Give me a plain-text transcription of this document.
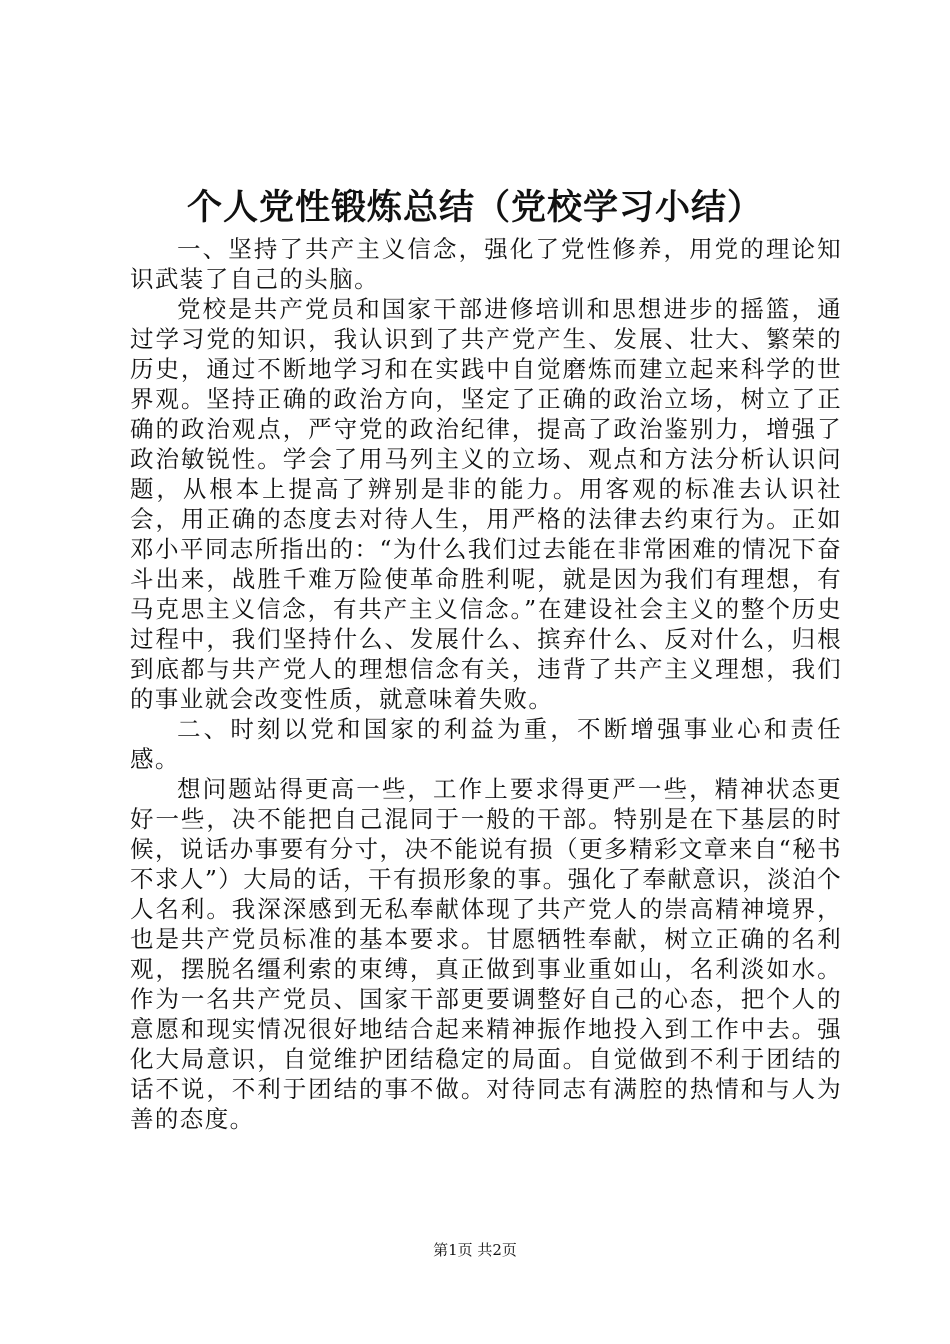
个人党性锻炼总结（党校学习小结）

一、坚持了共产主义信念，强化了党性修养，用党的理论知识武装了自己的头脑。

党校是共产党员和国家干部进修培训和思想进步的摇篮，通过学习党的知识，我认识到了共产党产生、发展、壮大、繁荣的历史，通过不断地学习和在实践中自觉磨炼而建立起来科学的世界观。坚持正确的政治方向，坚定了正确的政治立场，树立了正确的政治观点，严守党的政治纪律，提高了政治鉴别力，增强了政治敏锐性。学会了用马列主义的立场、观点和方法分析认识问题，从根本上提高了辨别是非的能力。用客观的标准去认识社会，用正确的态度去对待人生，用严格的法律去约束行为。正如邓小平同志所指出的：“为什么我们过去能在非常困难的情况下奋斗出来，战胜千难万险使革命胜利呢，就是因为我们有理想，有马克思主义信念，有共产主义信念。”在建设社会主义的整个历史过程中，我们坚持什么、发展什么、摈弃什么、反对什么，归根到底都与共产党人的理想信念有关，违背了共产主义理想，我们的事业就会改变性质，就意味着失败。

二、时刻以党和国家的利益为重，不断增强事业心和责任感。

想问题站得更高一些，工作上要求得更严一些，精神状态更好一些，决不能把自己混同于一般的干部。特别是在下基层的时候，说话办事要有分寸，决不能说有损（更多精彩文章来自“秘书不求人”）大局的话，干有损形象的事。强化了奉献意识，淡泊个人名利。我深深感到无私奉献体现了共产党人的崇高精神境界，也是共产党员标准的基本要求。甘愿牺牲奉献，树立正确的名利观，摆脱名缰利索的束缚，真正做到事业重如山，名利淡如水。作为一名共产党员、国家干部更要调整好自己的心态，把个人的意愿和现实情况很好地结合起来精神振作地投入到工作中去。强化大局意识，自觉维护团结稳定的局面。自觉做到不利于团结的话不说，不利于团结的事不做。对待同志有满腔的热情和与人为善的态度。

第1页 共2页
